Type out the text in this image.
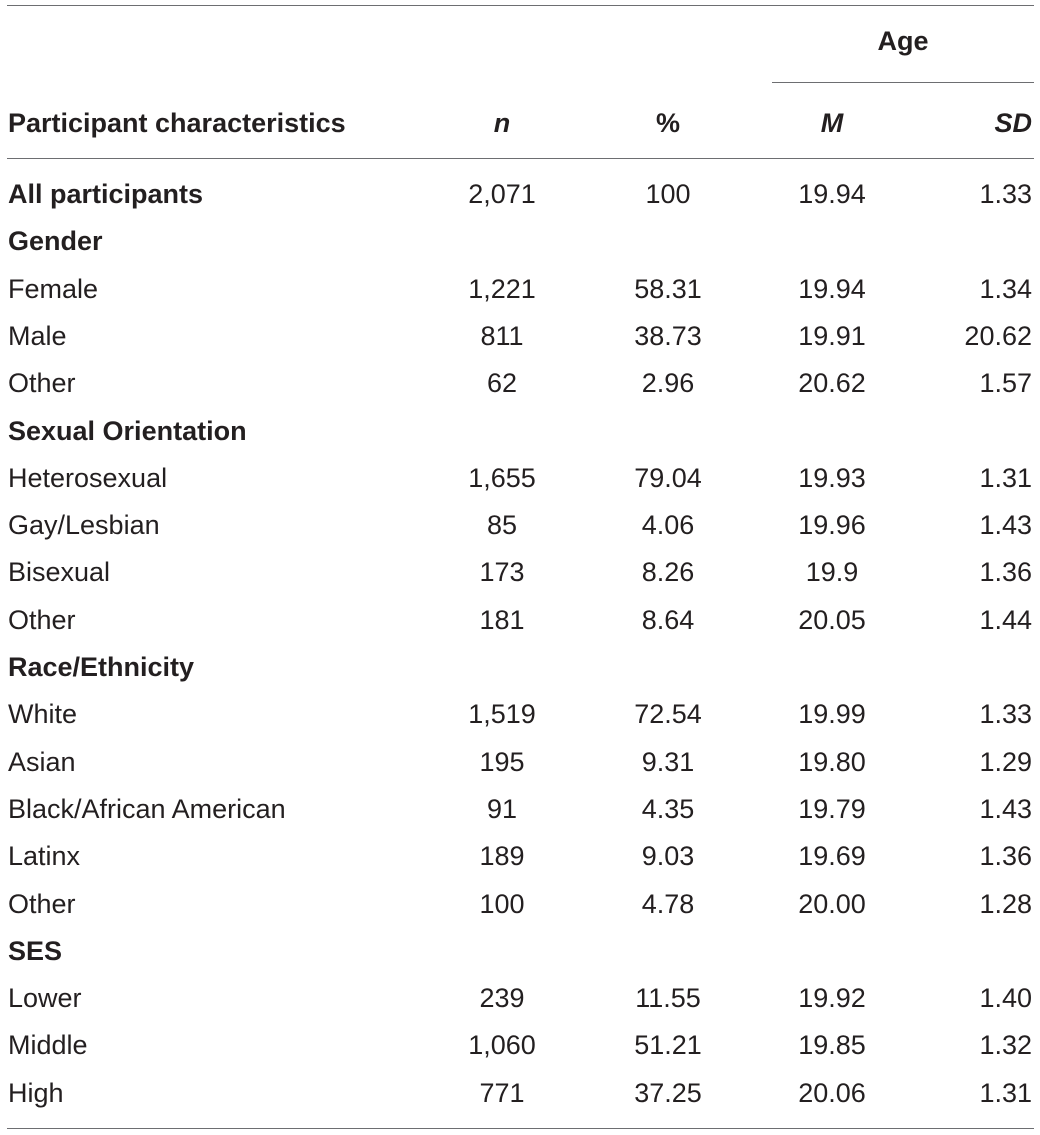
Age
Participant characteristics	n	%	M	SD
All participants	2,071	100	19.94	1.33
Gender
Female	1,221	58.31	19.94	1.34
Male	811	38.73	19.91	20.62
Other	62	2.96	20.62	1.57
Sexual Orientation
Heterosexual	1,655	79.04	19.93	1.31
Gay/Lesbian	85	4.06	19.96	1.43
Bisexual	173	8.26	19.9	1.36
Other	181	8.64	20.05	1.44
Race/Ethnicity
White	1,519	72.54	19.99	1.33
Asian	195	9.31	19.80	1.29
Black/African American	91	4.35	19.79	1.43
Latinx	189	9.03	19.69	1.36
Other	100	4.78	20.00	1.28
SES
Lower	239	11.55	19.92	1.40
Middle	1,060	51.21	19.85	1.32
High	771	37.25	20.06	1.31
